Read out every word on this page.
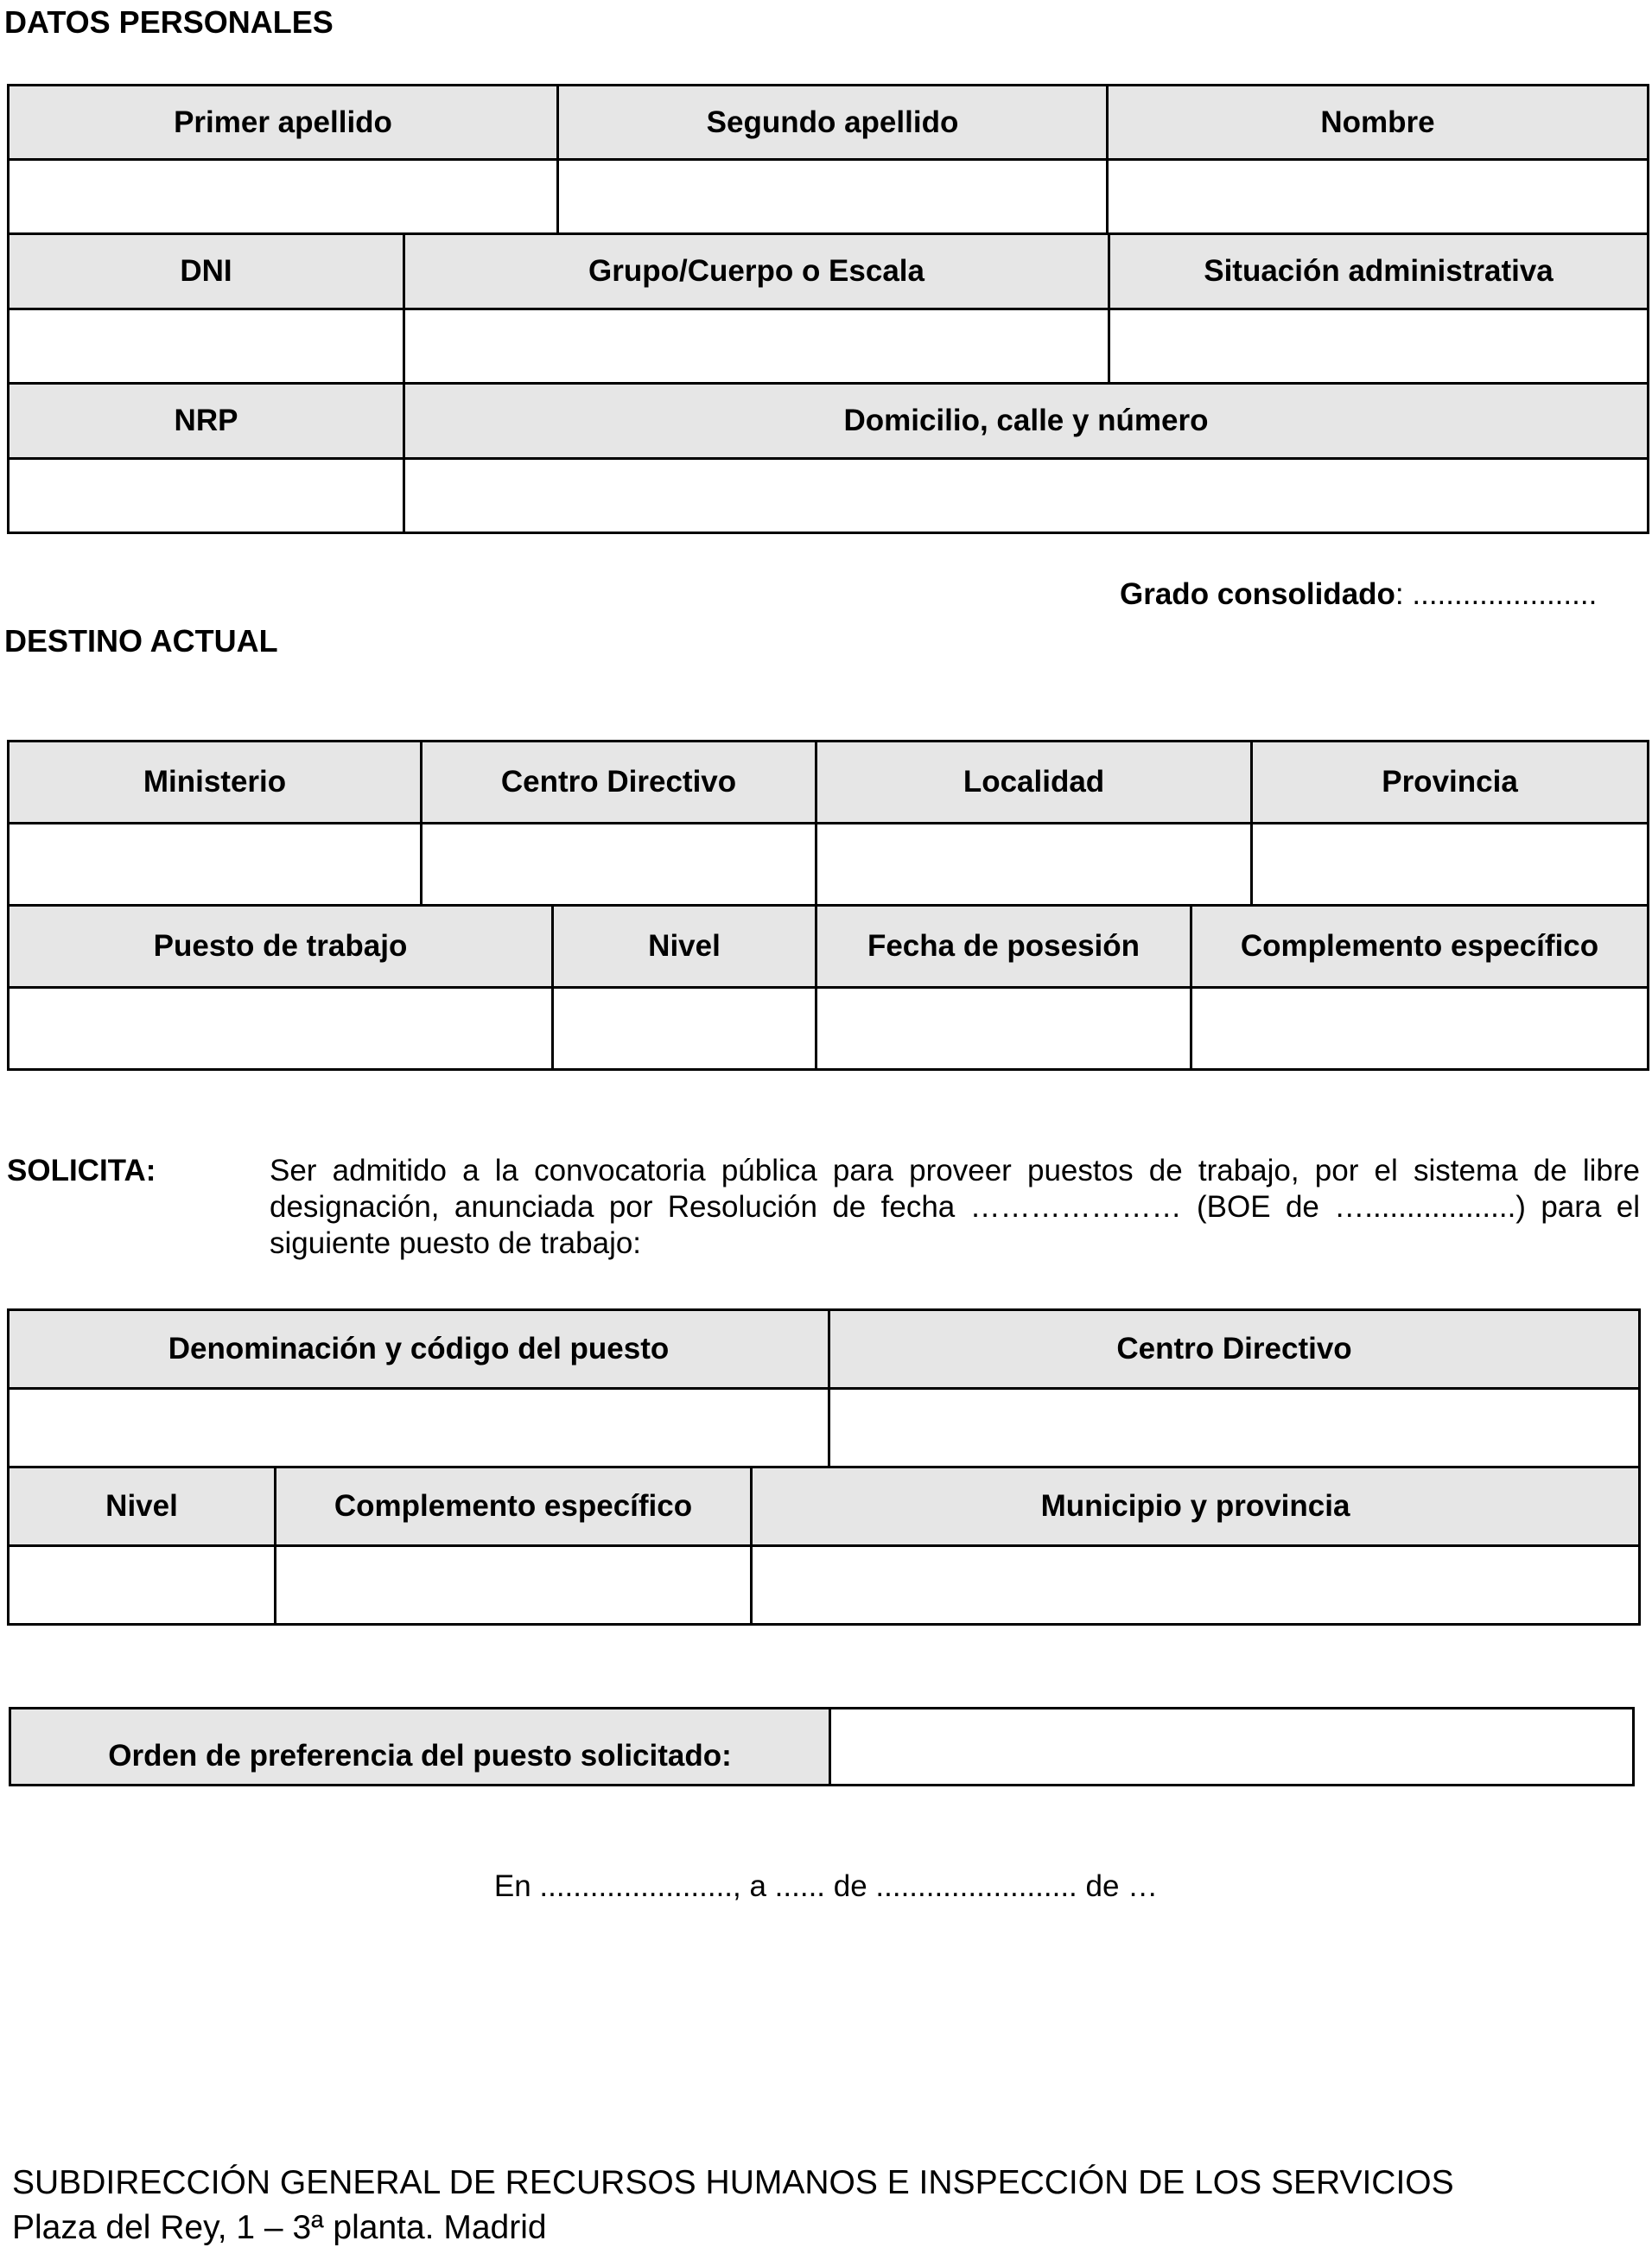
DATOS PERSONALES
Primer apellido		Segundo apellido	Nombre	

DNI	Grupo/Cuerpo o Escala			Situación administrativa

NRP	Domicilio, calle y número			

Grado consolidado: ......................
DESTINO ACTUAL
Ministerio	Centro Directivo		Localidad		Provincia

Puesto de trabajo		Nivel	Fecha de posesión	Complemento específico	

SOLICITA:	Ser admitido a la convocatoria pública para proveer puestos de trabajo, por el sistema de libre designación, anunciada por Resolución de fecha ………………… (BOE de …..................) para el siguiente puesto de trabajo:
Denominación y código del puesto			Centro Directivo

Nivel	Complemento específico	Municipio y provincia	

Orden de preferencia del puesto solicitado:	
En ......................., a ...... de ........................ de …
SUBDIRECCIÓN GENERAL DE RECURSOS HUMANOS E INSPECCIÓN DE LOS SERVICIOS
Plaza del Rey, 1 – 3ª planta. Madrid
